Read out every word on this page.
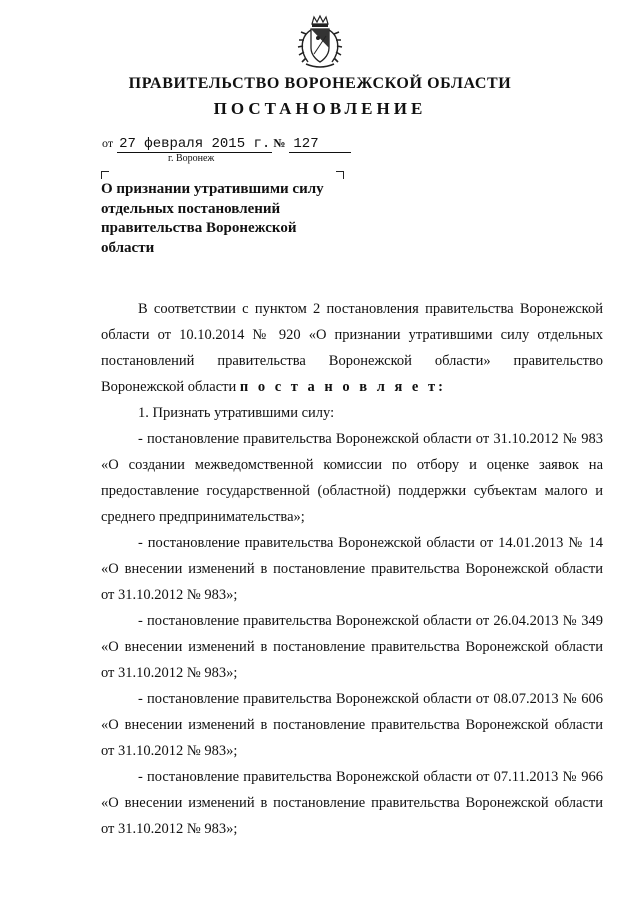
ПРАВИТЕЛЬСТВО ВОРОНЕЖСКОЙ ОБЛАСТИ
ПОСТАНОВЛЕНИЕ
от 27 февраля 2015 г. № 127
г. Воронеж
О признании утратившими силу отдельных постановлений правительства Воронежской области

В соответствии с пунктом 2 постановления правительства Воронежской области от 10.10.2014 № 920 «О признании утратившими силу отдельных постановлений правительства Воронежской области» правительство Воронежской области п о с т а н о в л я е т:

1. Признать утратившими силу:

- постановление правительства Воронежской области от 31.10.2012 № 983 «О создании межведомственной комиссии по отбору и оценке заявок на предоставление государственной (областной) поддержки субъектам малого и среднего предпринимательства»;

- постановление правительства Воронежской области от 14.01.2013 № 14 «О внесении изменений в постановление правительства Воронежской области от 31.10.2012 № 983»;

- постановление правительства Воронежской области от 26.04.2013 № 349 «О внесении изменений в постановление правительства Воронежской области от 31.10.2012 № 983»;

- постановление правительства Воронежской области от 08.07.2013 № 606 «О внесении изменений в постановление правительства Воронежской области от 31.10.2012 № 983»;

- постановление правительства Воронежской области от 07.11.2013 № 966 «О внесении изменений в постановление правительства Воронежской области от 31.10.2012 № 983»;
